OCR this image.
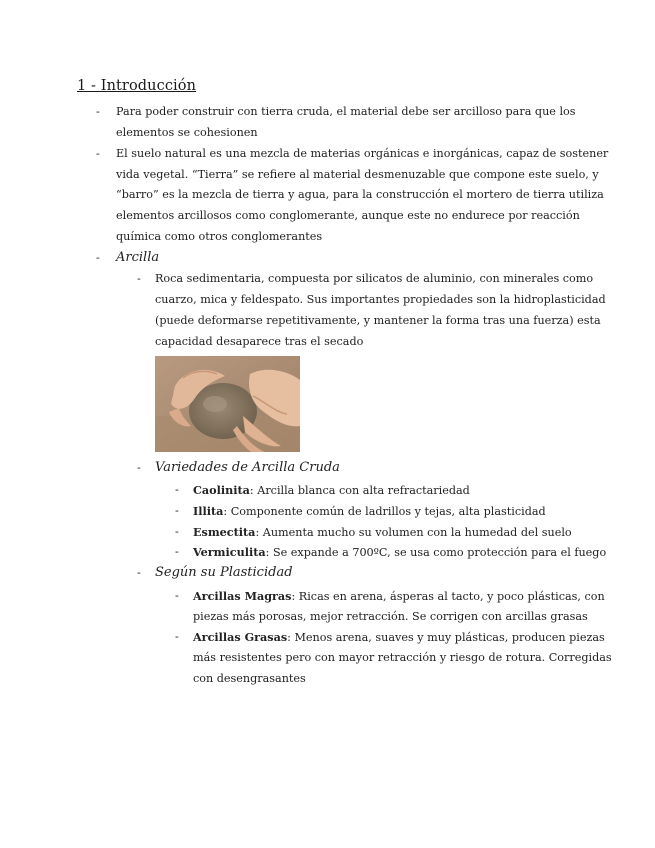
1 - Introducción
- Para poder construir con tierra cruda, el material debe ser arcilloso para que los
elementos se cohesionen
- El suelo natural es una mezcla de materias orgánicas e inorgánicas, capaz de sostener
vida vegetal. “Tierra” se refiere al material desmenuzable que compone este suelo, y
“barro” es la mezcla de tierra y agua, para la construcción el mortero de tierra utiliza
elementos arcillosos como conglomerante, aunque este no endurece por reacción
química como otros conglomerantes
- Arcilla
- Roca sedimentaria, compuesta por silicatos de aluminio, con minerales como
cuarzo, mica y feldespato. Sus importantes propiedades son la hidroplasticidad
(puede deformarse repetitivamente, y mantener la forma tras una fuerza) esta
capacidad desaparece tras el secado
- Variedades de Arcilla Cruda
- Caolinita: Arcilla blanca con alta refractariedad
- Illita: Componente común de ladrillos y tejas, alta plasticidad
- Esmectita: Aumenta mucho su volumen con la humedad del suelo
- Vermiculita: Se expande a 700ºC, se usa como protección para el fuego
- Según su Plasticidad
- Arcillas Magras: Ricas en arena, ásperas al tacto, y poco plásticas, con
piezas más porosas, mejor retracción. Se corrigen con arcillas grasas
- Arcillas Grasas: Menos arena, suaves y muy plásticas, producen piezas
más resistentes pero con mayor retracción y riesgo de rotura. Corregidas
con desengrasantes
